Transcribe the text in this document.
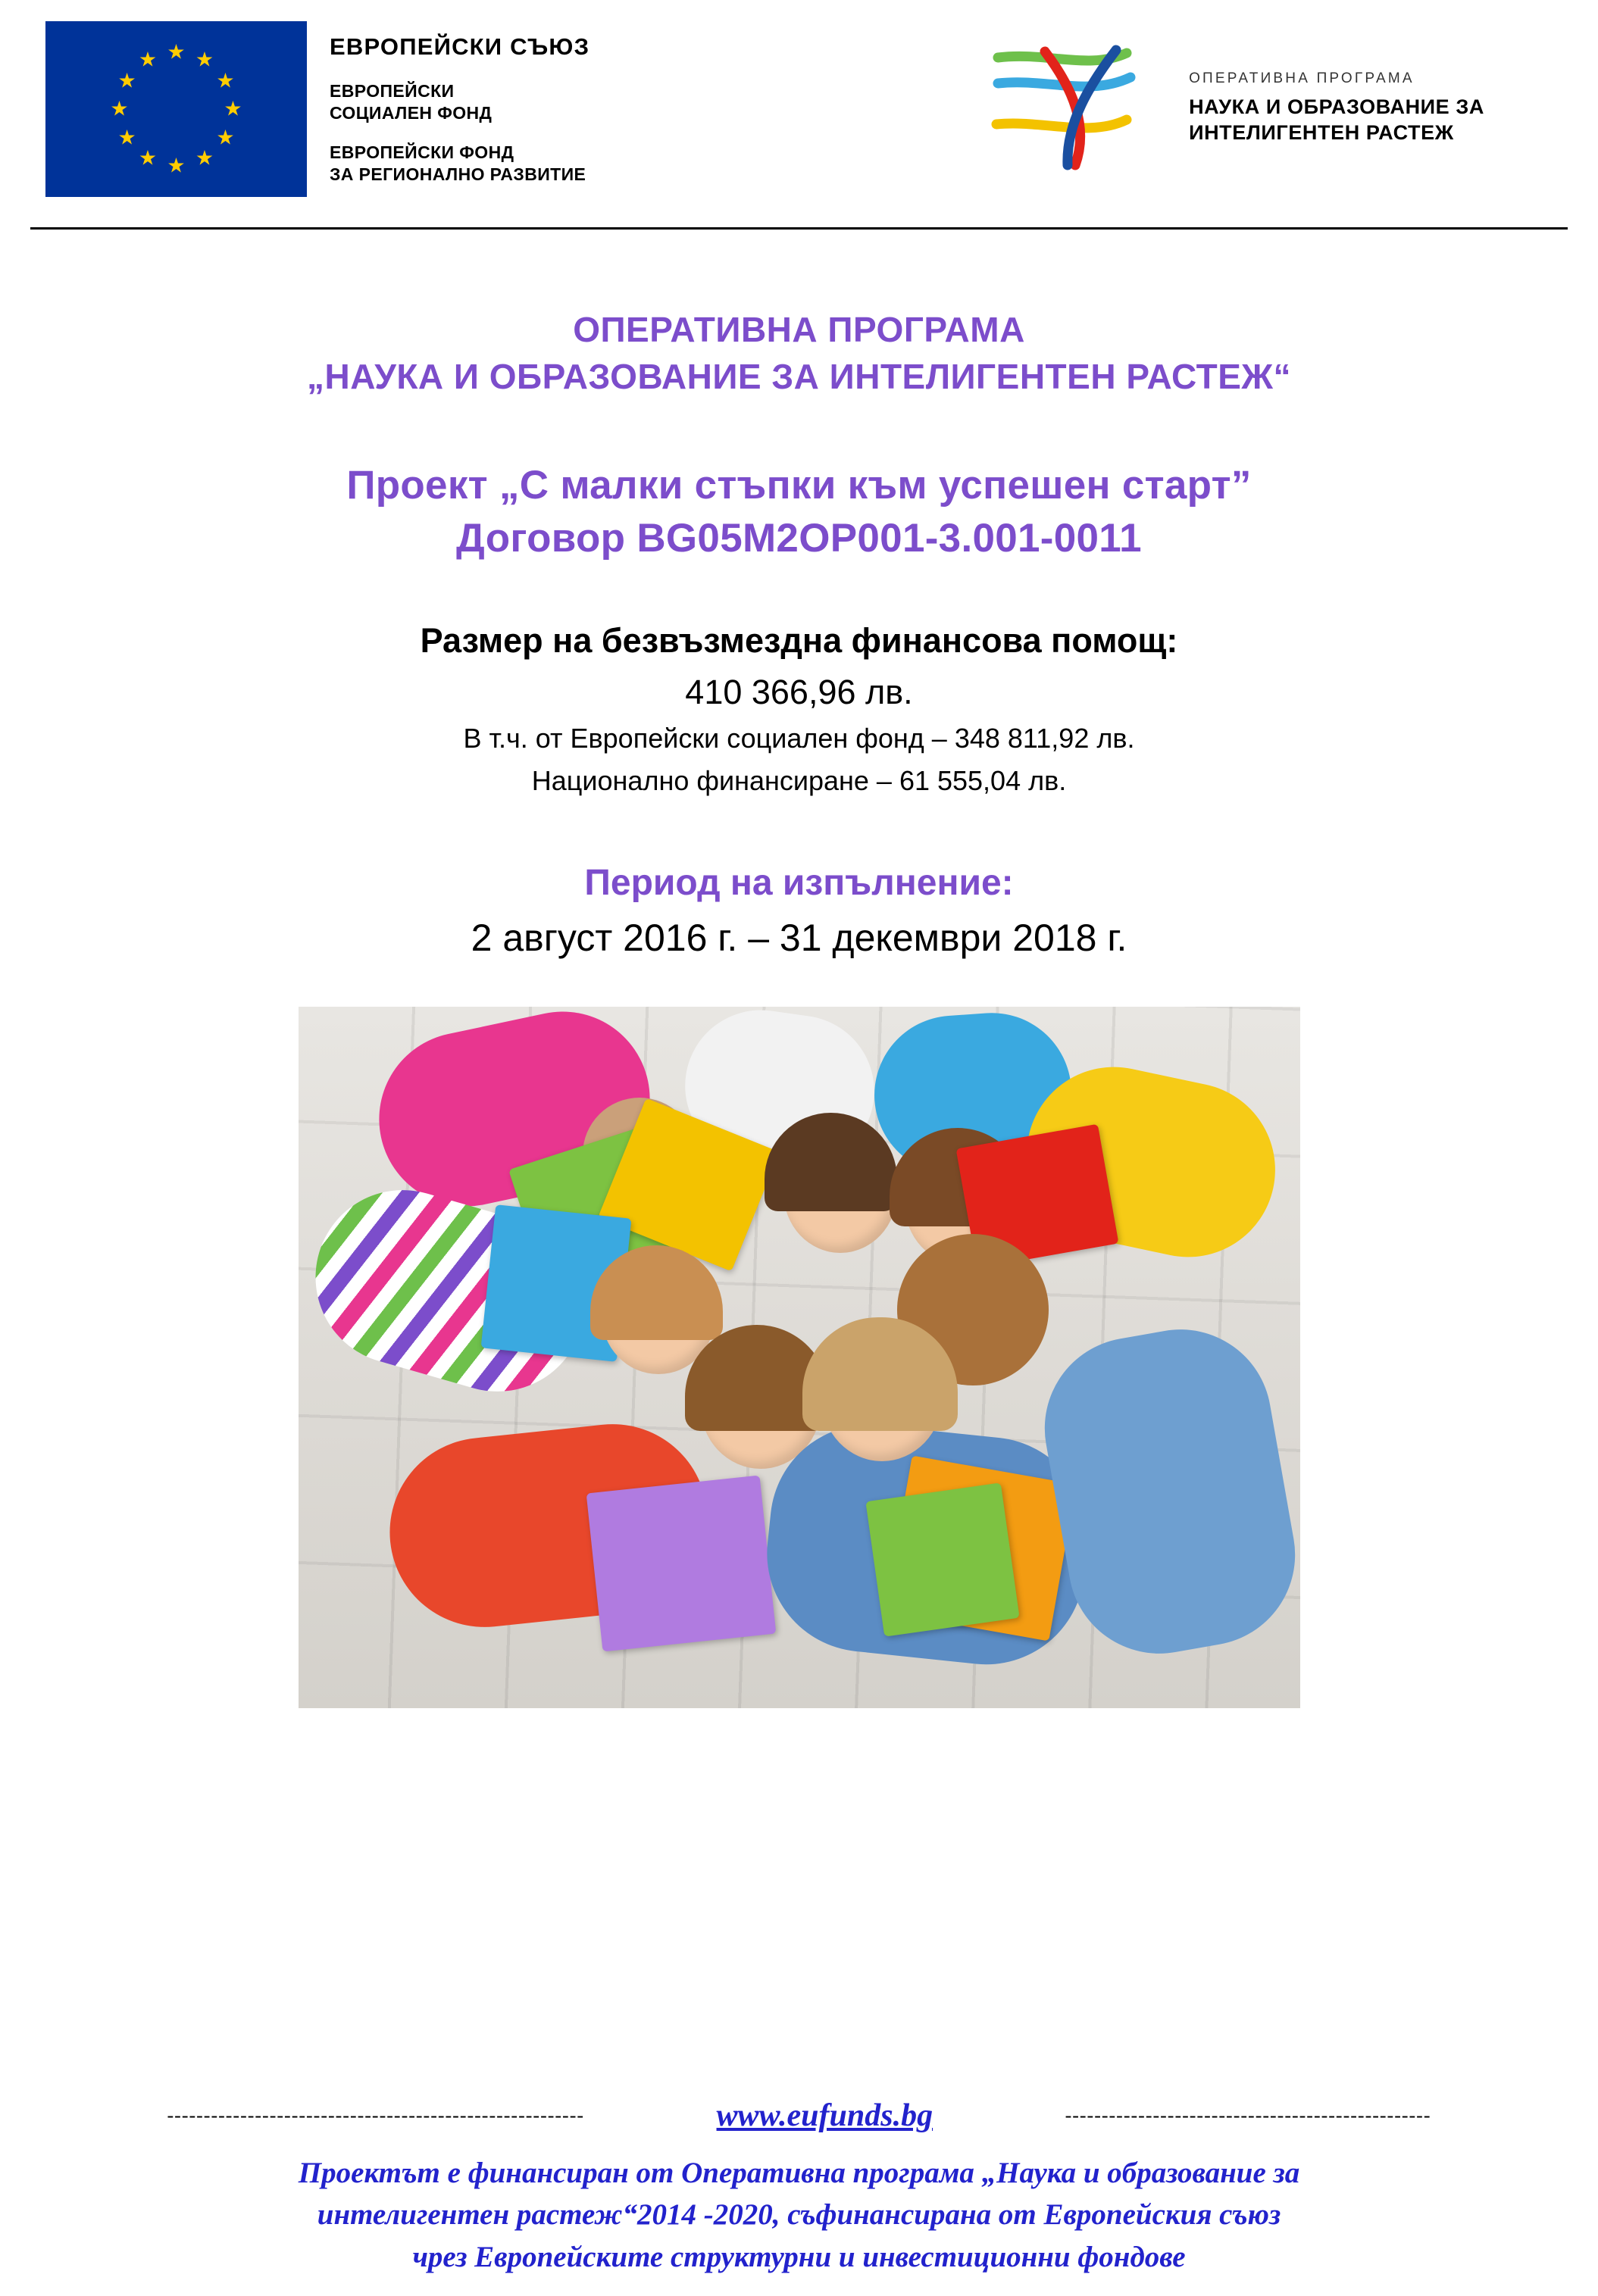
★ ★
★
★
★
★
★
★
★
★
★
★	ЕВРОПЕЙСКИ СЪЮЗ
ЕВРОПЕЙСКИ
СОЦИАЛЕН ФОНД
ЕВРОПЕЙСКИ ФОНД
ЗА РЕГИОНАЛНО РАЗВИТИЕ
ОПЕРАТИВНА ПРОГРАМА
НАУКА И ОБРАЗОВАНИЕ ЗА
ИНТЕЛИГЕНТЕН РАСТЕЖ
ОПЕРАТИВНА ПРОГРАМА
„НАУКА И ОБРАЗОВАНИЕ ЗА ИНТЕЛИГЕНТЕН РАСТЕЖ“
Проект „С малки стъпки към успешен старт”
Договор BG05M2OP001-3.001-0011
Размер на безвъзмездна финансова помощ:
410 366,96 лв.
В т.ч. от Европейски социален фонд – 348 811,92 лв.
Национално финансиране – 61 555,04 лв.
Период на изпълнение:
2 август 2016 г. – 31 декември 2018 г.
---------------------------------------------------------	www.eufunds.bg	--------------------------------------------------
Проектът е финансиран от Оперативна програма „Наука и образование за
интелигентен растеж“2014 -2020, съфинансирана от Европейския съюз
чрез Европейските структурни и инвестиционни фондове
